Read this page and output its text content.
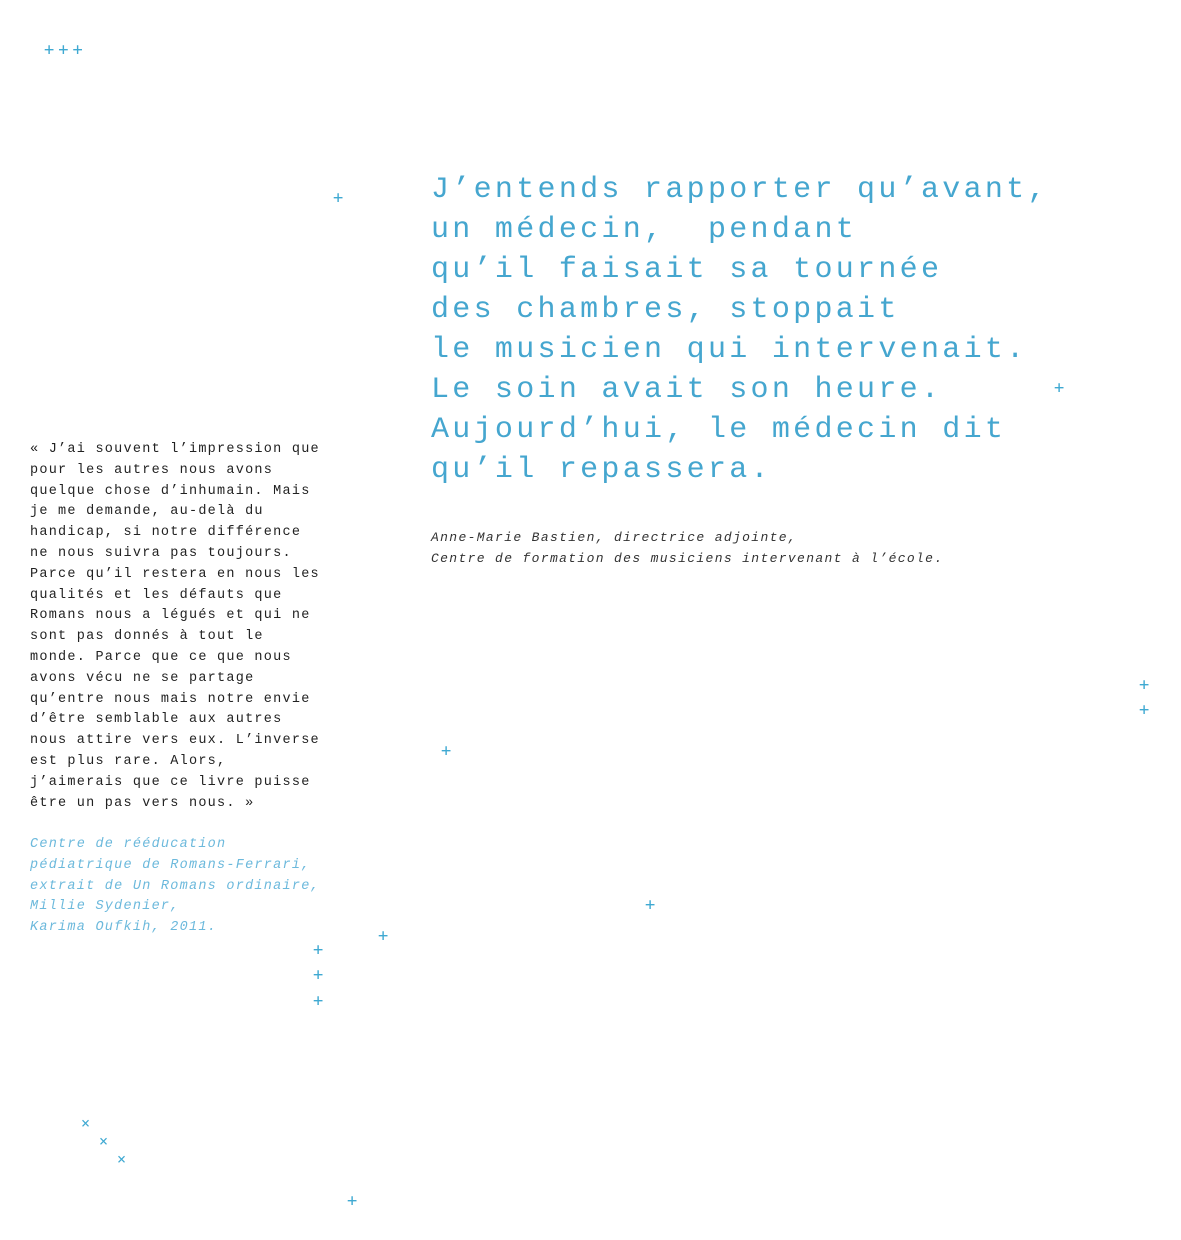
+++
+
+
+
+
+
+
+
+
+
+
×
×
×
+
J’entends rapporter qu’avant,
un médecin,  pendant
qu’il faisait sa tournée
des chambres, stoppait
le musicien qui intervenait.
Le soin avait son heure.
Aujourd’hui, le médecin dit
qu’il repassera.
Anne-Marie Bastien, directrice adjointe,
Centre de formation des musiciens intervenant à l’école.
« J’ai souvent l’impression que
pour les autres nous avons
quelque chose d’inhumain. Mais
je me demande, au-delà du
handicap, si notre différence
ne nous suivra pas toujours.
Parce qu’il restera en nous les
qualités et les défauts que
Romans nous a légués et qui ne
sont pas donnés à tout le
monde. Parce que ce que nous
avons vécu ne se partage
qu’entre nous mais notre envie
d’être semblable aux autres
nous attire vers eux. L’inverse
est plus rare. Alors,
j’aimerais que ce livre puisse
être un pas vers nous. »
Centre de rééducation
pédiatrique de Romans-Ferrari,
extrait de Un Romans ordinaire,
Millie Sydenier,
Karima Oufkih, 2011.
